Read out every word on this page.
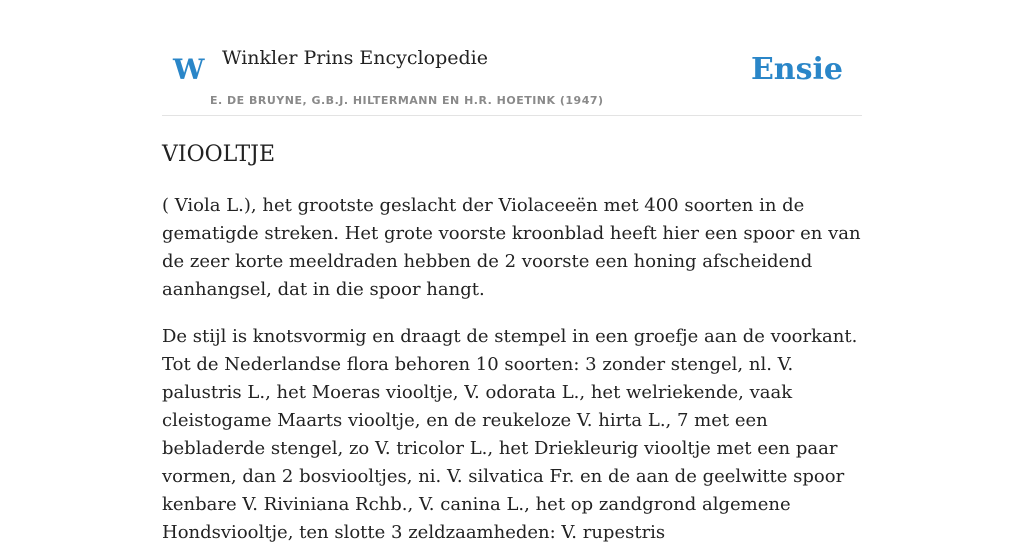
W Winkler Prins Encyclopedie
E. DE BRUYNE, G.B.J. HILTERMANN EN H.R. HOETINK (1947)
Ensie
VIOOLTJE

( Viola L.), het grootste geslacht der Violaceeën met 400 soorten in de gematigde streken. Het grote voorste kroonblad heeft hier een spoor en van de zeer korte meeldraden hebben de 2 voorste een honing afscheidend aanhangsel, dat in die spoor hangt.

De stijl is knotsvormig en draagt de stempel in een groefje aan de voorkant. Tot de Nederlandse flora behoren 10 soorten: 3 zonder stengel, nl. V. palustris L., het Moeras viooltje, V. odorata L., het welriekende, vaak cleistogame Maarts viooltje, en de reukeloze V. hirta L., 7 met een bebladerde stengel, zo V. tricolor L., het Driekleurig viooltje met een paar vormen, dan 2 bosviooltjes, ni. V. silvatica Fr. en de aan de geelwitte spoor kenbare V. Riviniana Rchb., V. canina L., het op zandgrond algemene Hondsviooltje, ten slotte 3 zeldzaamheden: V. rupestris
